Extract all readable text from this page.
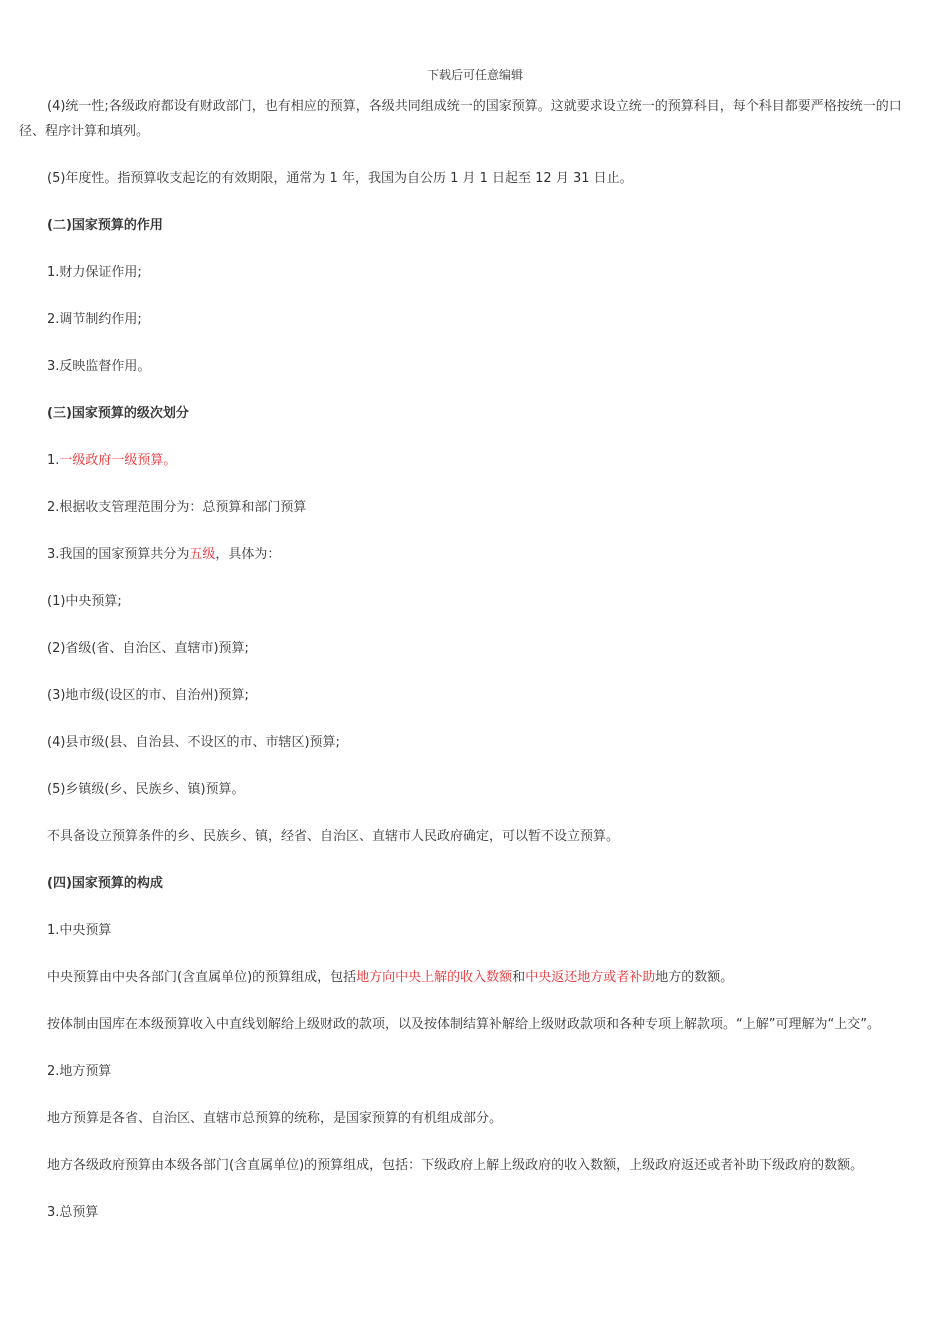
下载后可任意编辑

(4)统一性;各级政府都设有财政部门，也有相应的预算，各级共同组成统一的国家预算。这就要求设立统一的预算科目，每个科目都要严格按统一的口径、程序计算和填列。

(5)年度性。指预算收支起讫的有效期限，通常为 1 年，我国为自公历 1 月 1 日起至 12 月 31 日止。

(二)国家预算的作用

1.财力保证作用;

2.调节制约作用;

3.反映监督作用。

(三)国家预算的级次划分

1.一级政府一级预算。

2.根据收支管理范围分为：总预算和部门预算

3.我国的国家预算共分为五级，具体为：

(1)中央预算;

(2)省级(省、自治区、直辖市)预算;

(3)地市级(设区的市、自治州)预算;

(4)县市级(县、自治县、不设区的市、市辖区)预算;

(5)乡镇级(乡、民族乡、镇)预算。

不具备设立预算条件的乡、民族乡、镇，经省、自治区、直辖市人民政府确定，可以暂不设立预算。

(四)国家预算的构成

1.中央预算

中央预算由中央各部门(含直属单位)的预算组成，包括地方向中央上解的收入数额和中央返还地方或者补助地方的数额。

按体制由国库在本级预算收入中直线划解给上级财政的款项，以及按体制结算补解给上级财政款项和各种专项上解款项。“上解”可理解为“上交”。

2.地方预算

地方预算是各省、自治区、直辖市总预算的统称，是国家预算的有机组成部分。

地方各级政府预算由本级各部门(含直属单位)的预算组成，包括：下级政府上解上级政府的收入数额，上级政府返还或者补助下级政府的数额。

3.总预算
